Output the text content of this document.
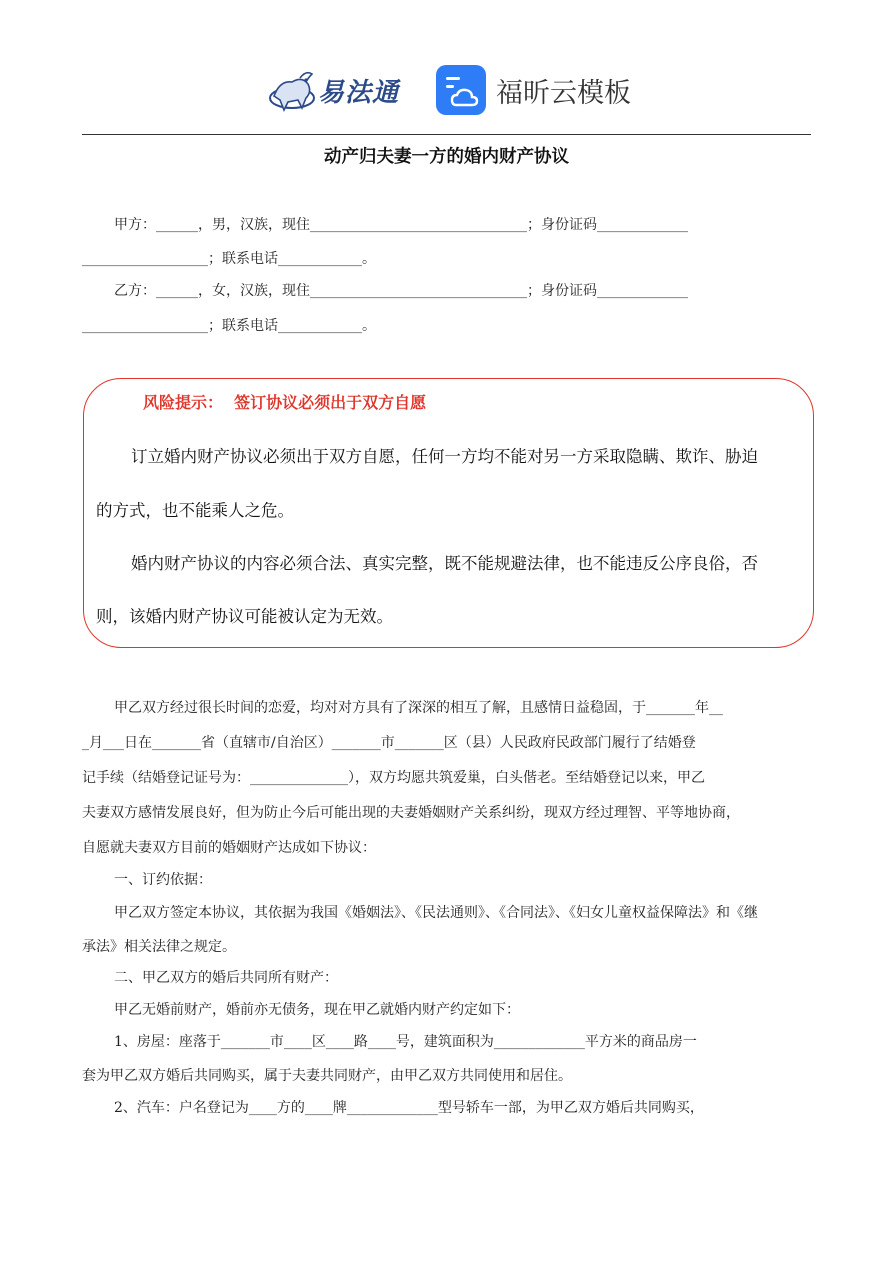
易法通	福昕云模板
动产归夫妻一方的婚内财产协议
甲方：______，男，汉族，现住_______________________________；身份证码_____________
__________________；联系电话____________。
乙方：______，女，汉族，现住_______________________________；身份证码_____________
__________________；联系电话____________。
风险提示：  签订协议必须出于双方自愿
订立婚内财产协议必须出于双方自愿，任何一方均不能对另一方采取隐瞒、欺诈、胁迫
的方式，也不能乘人之危。
婚内财产协议的内容必须合法、真实完整，既不能规避法律，也不能违反公序良俗，否
则，该婚内财产协议可能被认定为无效。
甲乙双方经过很长时间的恋爱，均对对方具有了深深的相互了解，且感情日益稳固，于_______年__
_月___日在_______省（直辖市/自治区）_______市_______区（县）人民政府民政部门履行了结婚登
记手续（结婚登记证号为：______________），双方均愿共筑爱巢，白头偕老。至结婚登记以来，甲乙
夫妻双方感情发展良好，但为防止今后可能出现的夫妻婚姻财产关系纠纷，现双方经过理智、平等地协商，
自愿就夫妻双方目前的婚姻财产达成如下协议：
一、订约依据：
甲乙双方签定本协议，其依据为我国《婚姻法》、《民法通则》、《合同法》、《妇女儿童权益保障法》和《继
承法》相关法律之规定。
二、甲乙双方的婚后共同所有财产：
甲乙无婚前财产，婚前亦无债务，现在甲乙就婚内财产约定如下：
1、房屋：座落于_______市____区____路____号，建筑面积为_____________平方米的商品房一
套为甲乙双方婚后共同购买，属于夫妻共同财产，由甲乙双方共同使用和居住。
2、汽车：户名登记为____方的____牌_____________型号轿车一部，为甲乙双方婚后共同购买，
